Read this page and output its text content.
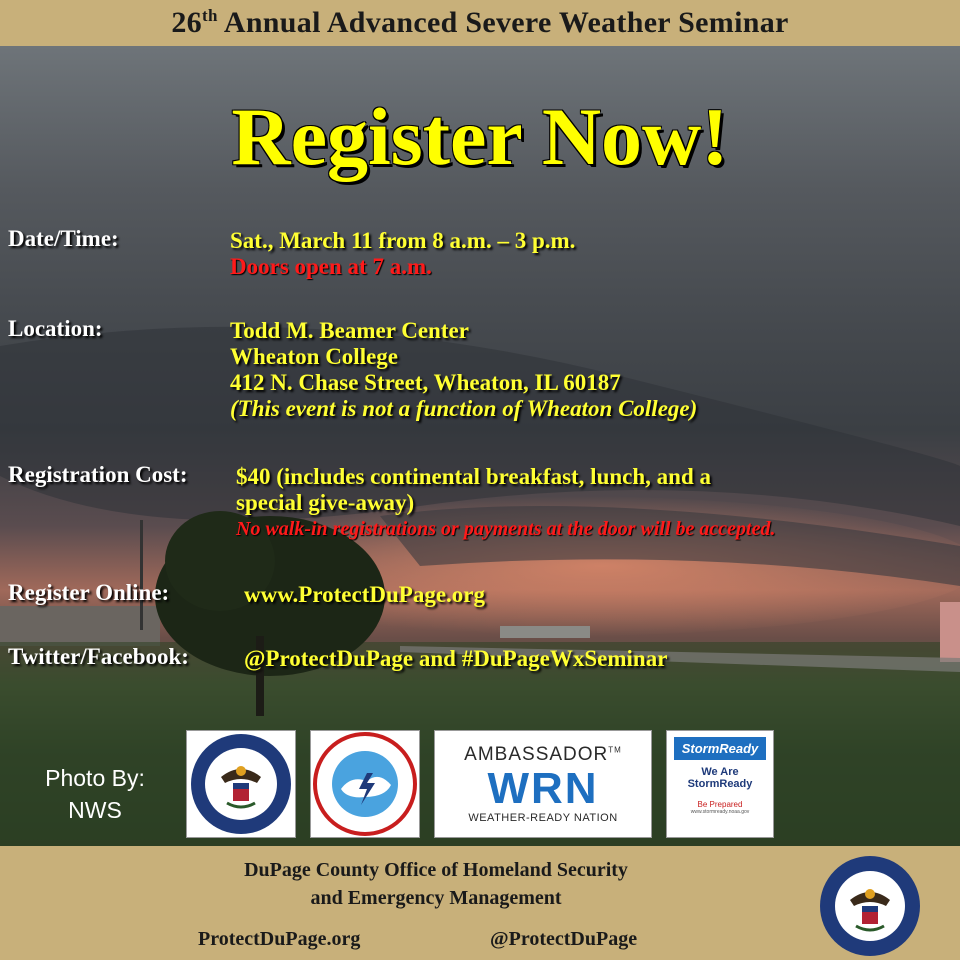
26th Annual Advanced Severe Weather Seminar
Register Now!
Date/Time:	Sat., March 11 from 8 a.m. – 3 p.m.
Doors open at 7 a.m.
Location:	Todd M. Beamer Center
Wheaton College
412 N. Chase Street, Wheaton, IL 60187
(This event is not a function of Wheaton College)
Registration Cost: $40 (includes continental breakfast, lunch, and a
special give-away)
No walk-in registrations or payments at the door will be accepted.
Register Online:	www.ProtectDuPage.org
Twitter/Facebook: @ProtectDuPage and #DuPageWxSeminar
Photo By:
NWS
AMBASSADOR™
WRN
WEATHER-READY NATION
StormReady
We Are
StormReady
Be Prepared
www.stormready.noaa.gov
DuPage County Office of Homeland Security
and Emergency Management
ProtectDuPage.org	@ProtectDuPage
